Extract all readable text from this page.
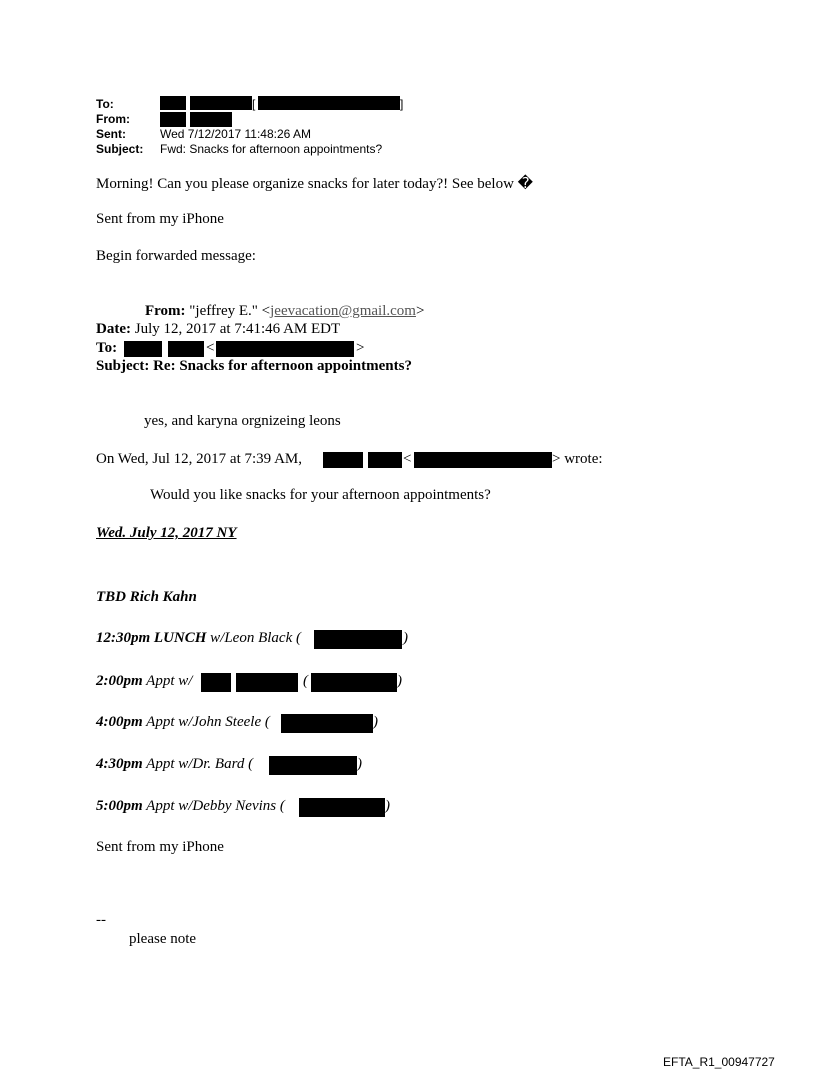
To:	[	]
From:
Sent:	Wed 7/12/2017 11:48:26 AM
Subject: Fwd: Snacks for afternoon appointments?
Morning! Can you please organize snacks for later today?! See below �
Sent from my iPhone
Begin forwarded message:
From: "jeffrey E." <jeevacation@gmail.com>
Date: July 12, 2017 at 7:41:46 AM EDT
To:	<	>
Subject: Re: Snacks for afternoon appointments?
yes, and karyna orgnizeing leons
On Wed, Jul 12, 2017 at 7:39 AM,	<	> wrote:
Would you like snacks for your afternoon appointments?
Wed. July 12, 2017 NY
TBD Rich Kahn
12:30pm LUNCH w/Leon Black (	)
2:00pm Appt w/	(	)
4:00pm Appt w/John Steele (	)
4:30pm Appt w/Dr. Bard (	)
5:00pm Appt w/Debby Nevins (	)
Sent from my iPhone
--
please note
EFTA_R1_00947727
